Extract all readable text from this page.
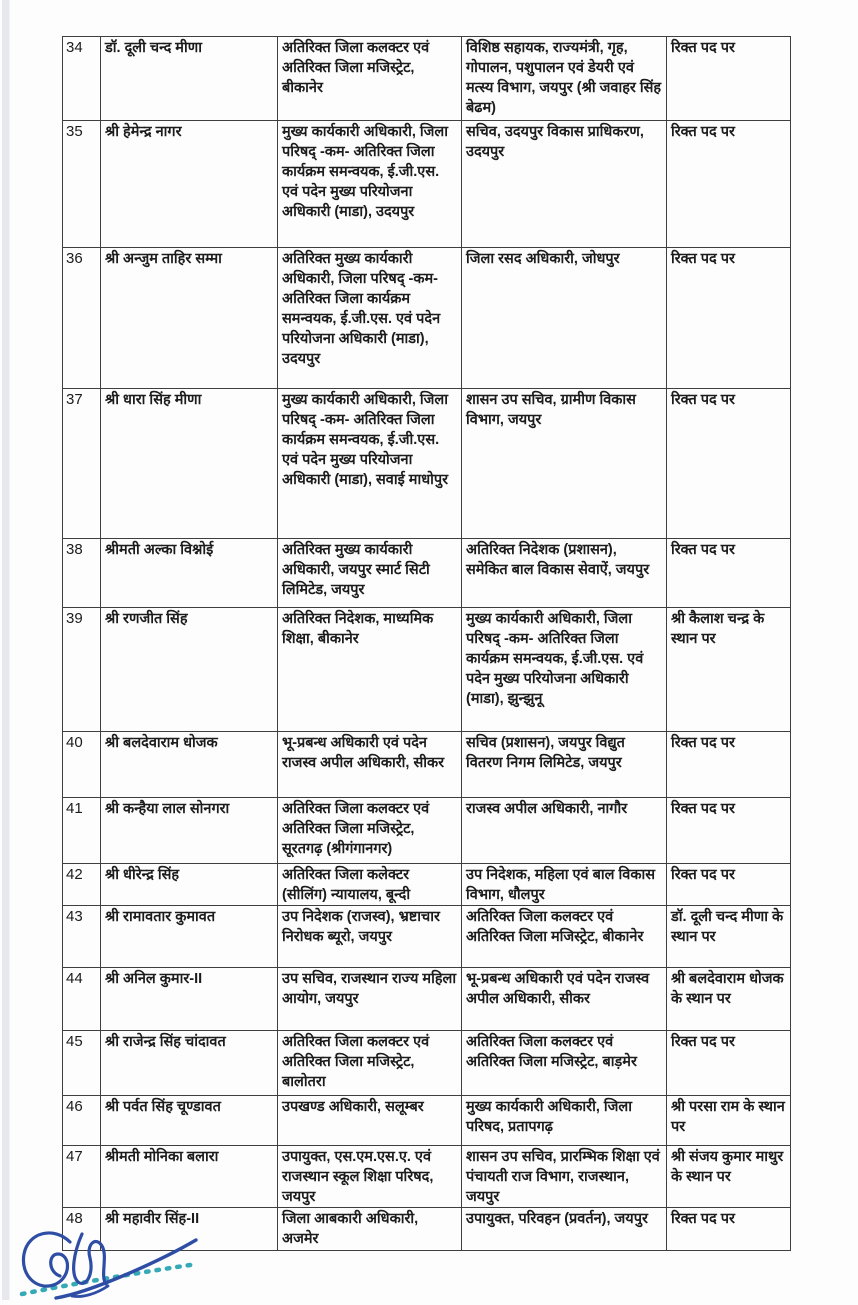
34	डॉ. दूली चन्द मीणा	अतिरिक्त जिला कलक्टर एवं अतिरिक्त जिला मजिस्ट्रेट, बीकानेर	विशिष्ठ सहायक, राज्यमंत्री, गृह, गोपालन, पशुपालन एवं डेयरी एवं मत्स्य विभाग, जयपुर (श्री जवाहर सिंह बेढम)	रिक्त पद पर

35	श्री हेमेन्द्र नागर	मुख्य कार्यकारी अधिकारी, जिला परिषद् -कम- अतिरिक्त जिला कार्यक्रम समन्वयक, ई.जी.एस. एवं पदेन मुख्य परियोजना अधिकारी (माडा), उदयपुर	सचिव, उदयपुर विकास प्राधिकरण, उदयपुर	रिक्त पद पर

36	श्री अन्जुम ताहिर सम्मा	अतिरिक्त मुख्य कार्यकारी अधिकारी, जिला परिषद् -कम-अतिरिक्त जिला कार्यक्रम समन्वयक, ई.जी.एस. एवं पदेन परियोजना अधिकारी (माडा), उदयपुर	जिला रसद अधिकारी, जोधपुर	रिक्त पद पर

37	श्री धारा सिंह मीणा	मुख्य कार्यकारी अधिकारी, जिला परिषद् -कम- अतिरिक्त जिला कार्यक्रम समन्वयक, ई.जी.एस. एवं पदेन मुख्य परियोजना अधिकारी (माडा), सवाई माधोपुर	शासन उप सचिव, ग्रामीण विकास विभाग, जयपुर	रिक्त पद पर

38	श्रीमती अल्का विश्नोई	अतिरिक्त मुख्य कार्यकारी अधिकारी, जयपुर स्मार्ट सिटी लिमिटेड, जयपुर	अतिरिक्त निदेशक (प्रशासन), समेकित बाल विकास सेवाऐं, जयपुर	रिक्त पद पर

39	श्री रणजीत सिंह	अतिरिक्त निदेशक, माध्यमिक शिक्षा, बीकानेर	मुख्य कार्यकारी अधिकारी, जिला परिषद् -कम- अतिरिक्त जिला कार्यक्रम समन्वयक, ई.जी.एस. एवं पदेन मुख्य परियोजना अधिकारी (माडा), झुन्झुनू	श्री कैलाश चन्द्र के स्थान पर

40	श्री बलदेवाराम धोजक	भू-प्रबन्ध अधिकारी एवं पदेन राजस्व अपील अधिकारी, सीकर	सचिव (प्रशासन), जयपुर विद्युत वितरण निगम लिमिटेड, जयपुर	रिक्त पद पर

41	श्री कन्हैया लाल सोनगरा	अतिरिक्त जिला कलक्टर एवं अतिरिक्त जिला मजिस्ट्रेट, सूरतगढ़ (श्रीगंगानगर)	राजस्व अपील अधिकारी, नागौर	रिक्त पद पर

42	श्री धीरेन्द्र सिंह	अतिरिक्त जिला कलेक्टर (सीलिंग) न्यायालय, बून्दी	उप निदेशक, महिला एवं बाल विकास विभाग, धौलपुर	रिक्त पद पर

43	श्री रामावतार कुमावत	उप निदेशक (राजस्व), भ्रष्टाचार निरोधक ब्यूरो, जयपुर	अतिरिक्त जिला कलक्टर एवं अतिरिक्त जिला मजिस्ट्रेट, बीकानेर	डॉ. दूली चन्द मीणा के स्थान पर

44	श्री अनिल कुमार-II	उप सचिव, राजस्थान राज्य महिला आयोग, जयपुर	भू-प्रबन्ध अधिकारी एवं पदेन राजस्व अपील अधिकारी, सीकर	श्री बलदेवाराम धोजक के स्थान पर

45	श्री राजेन्द्र सिंह चांदावत	अतिरिक्त जिला कलक्टर एवं अतिरिक्त जिला मजिस्ट्रेट, बालोतरा	अतिरिक्त जिला कलक्टर एवं अतिरिक्त जिला मजिस्ट्रेट, बाड़मेर	रिक्त पद पर

46	श्री पर्वत सिंह चूण्डावत	उपखण्ड अधिकारी, सलूम्बर	मुख्य कार्यकारी अधिकारी, जिला परिषद, प्रतापगढ़	श्री परसा राम के स्थान पर

47	श्रीमती मोनिका बलारा	उपायुक्त, एस.एम.एस.ए. एवं राजस्थान स्कूल शिक्षा परिषद, जयपुर	शासन उप सचिव, प्रारम्भिक शिक्षा एवं पंचायती राज विभाग, राजस्थान, जयपुर	श्री संजय कुमार माथुर के स्थान पर

48	श्री महावीर सिंह-II	जिला आबकारी अधिकारी, अजमेर	उपायुक्त, परिवहन (प्रवर्तन), जयपुर	रिक्त पद पर
